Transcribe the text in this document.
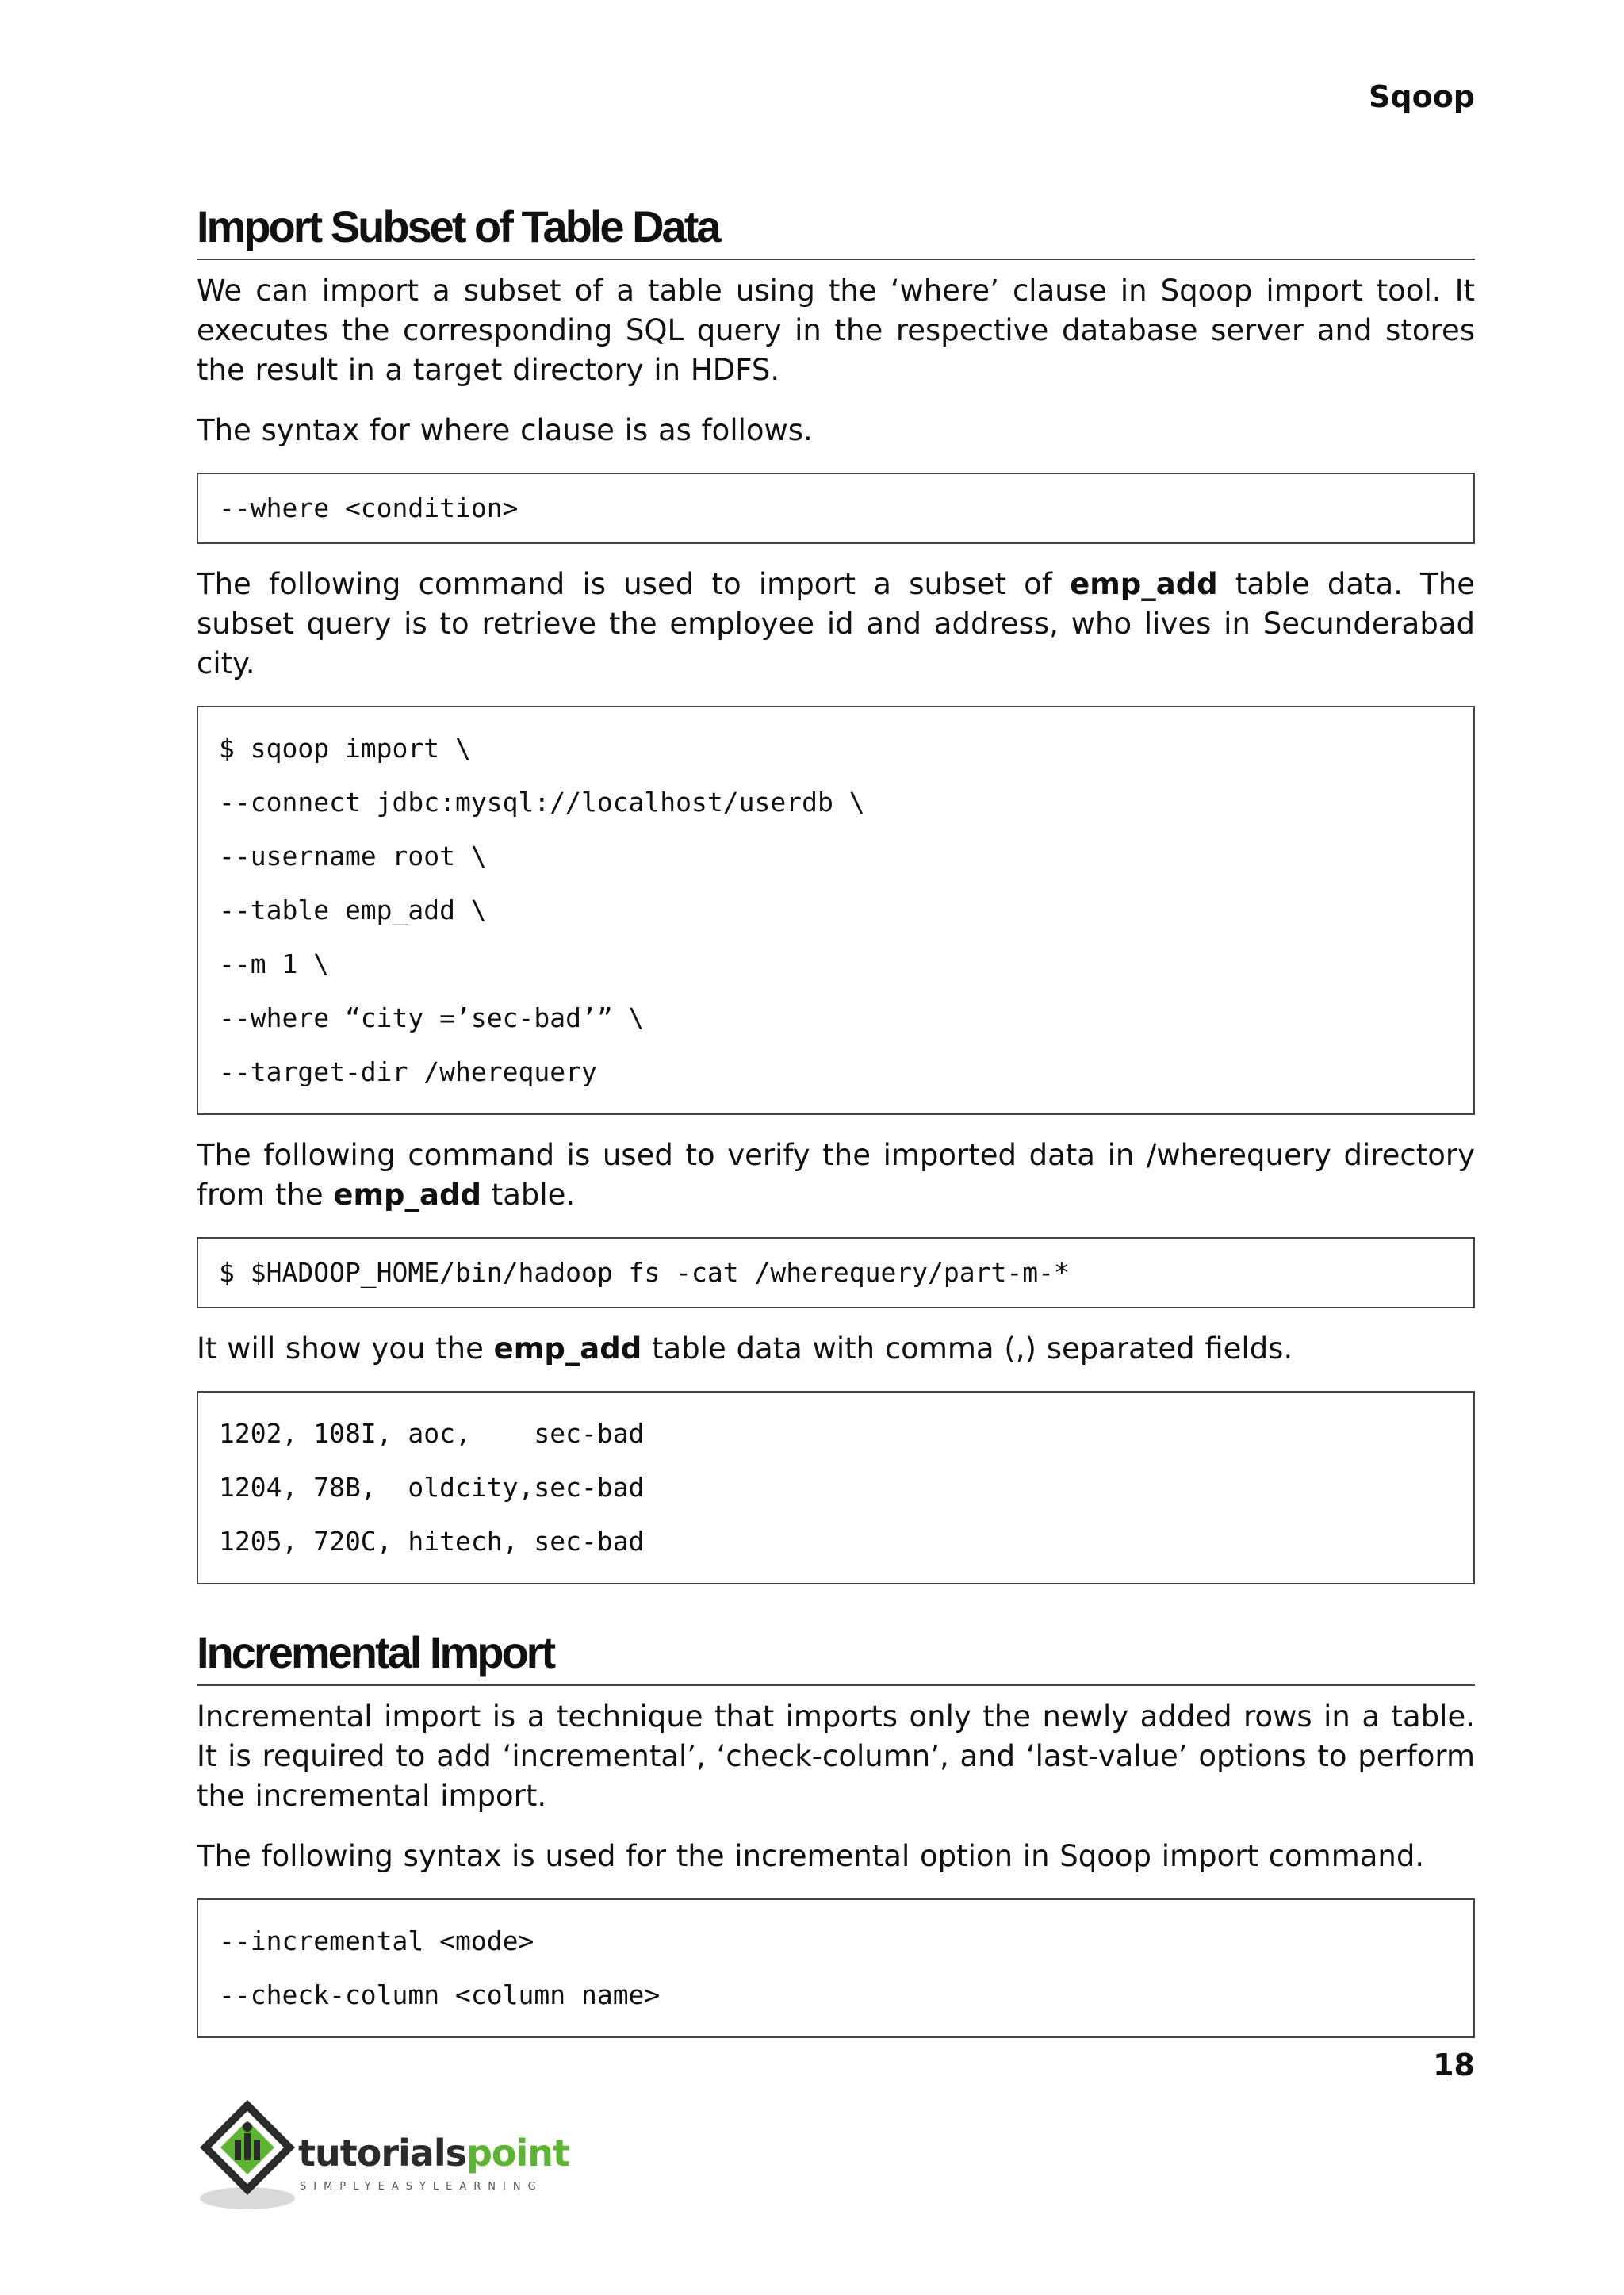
Sqoop
Import Subset of Table Data

We can import a subset of a table using the ‘where’ clause in Sqoop import tool. It executes the corresponding SQL query in the respective database server and stores the result in a target directory in HDFS.

The syntax for where clause is as follows.

--where <condition>

The following command is used to import a subset of emp_add table data. The subset query is to retrieve the employee id and address, who lives in Secunderabad city.

$ sqoop import \
--connect jdbc:mysql://localhost/userdb \
--username root \
--table emp_add \
--m 1 \
--where “city =’sec-bad’” \
--target-dir /wherequery

The following command is used to verify the imported data in /wherequery directory from the emp_add table.

$ $HADOOP_HOME/bin/hadoop fs -cat /wherequery/part-m-*

It will show you the emp_add table data with comma (,) separated fields.

1202, 108I, aoc,    sec-bad
1204, 78B,  oldcity,sec-bad
1205, 720C, hitech, sec-bad
Incremental Import

Incremental import is a technique that imports only the newly added rows in a table. It is required to add ‘incremental’, ‘check-column’, and ‘last-value’ options to perform the incremental import.

The following syntax is used for the incremental option in Sqoop import command.

--incremental <mode>
--check-column <column name>
18
tutorialspoint
SIMPLYEASYLEARNING
